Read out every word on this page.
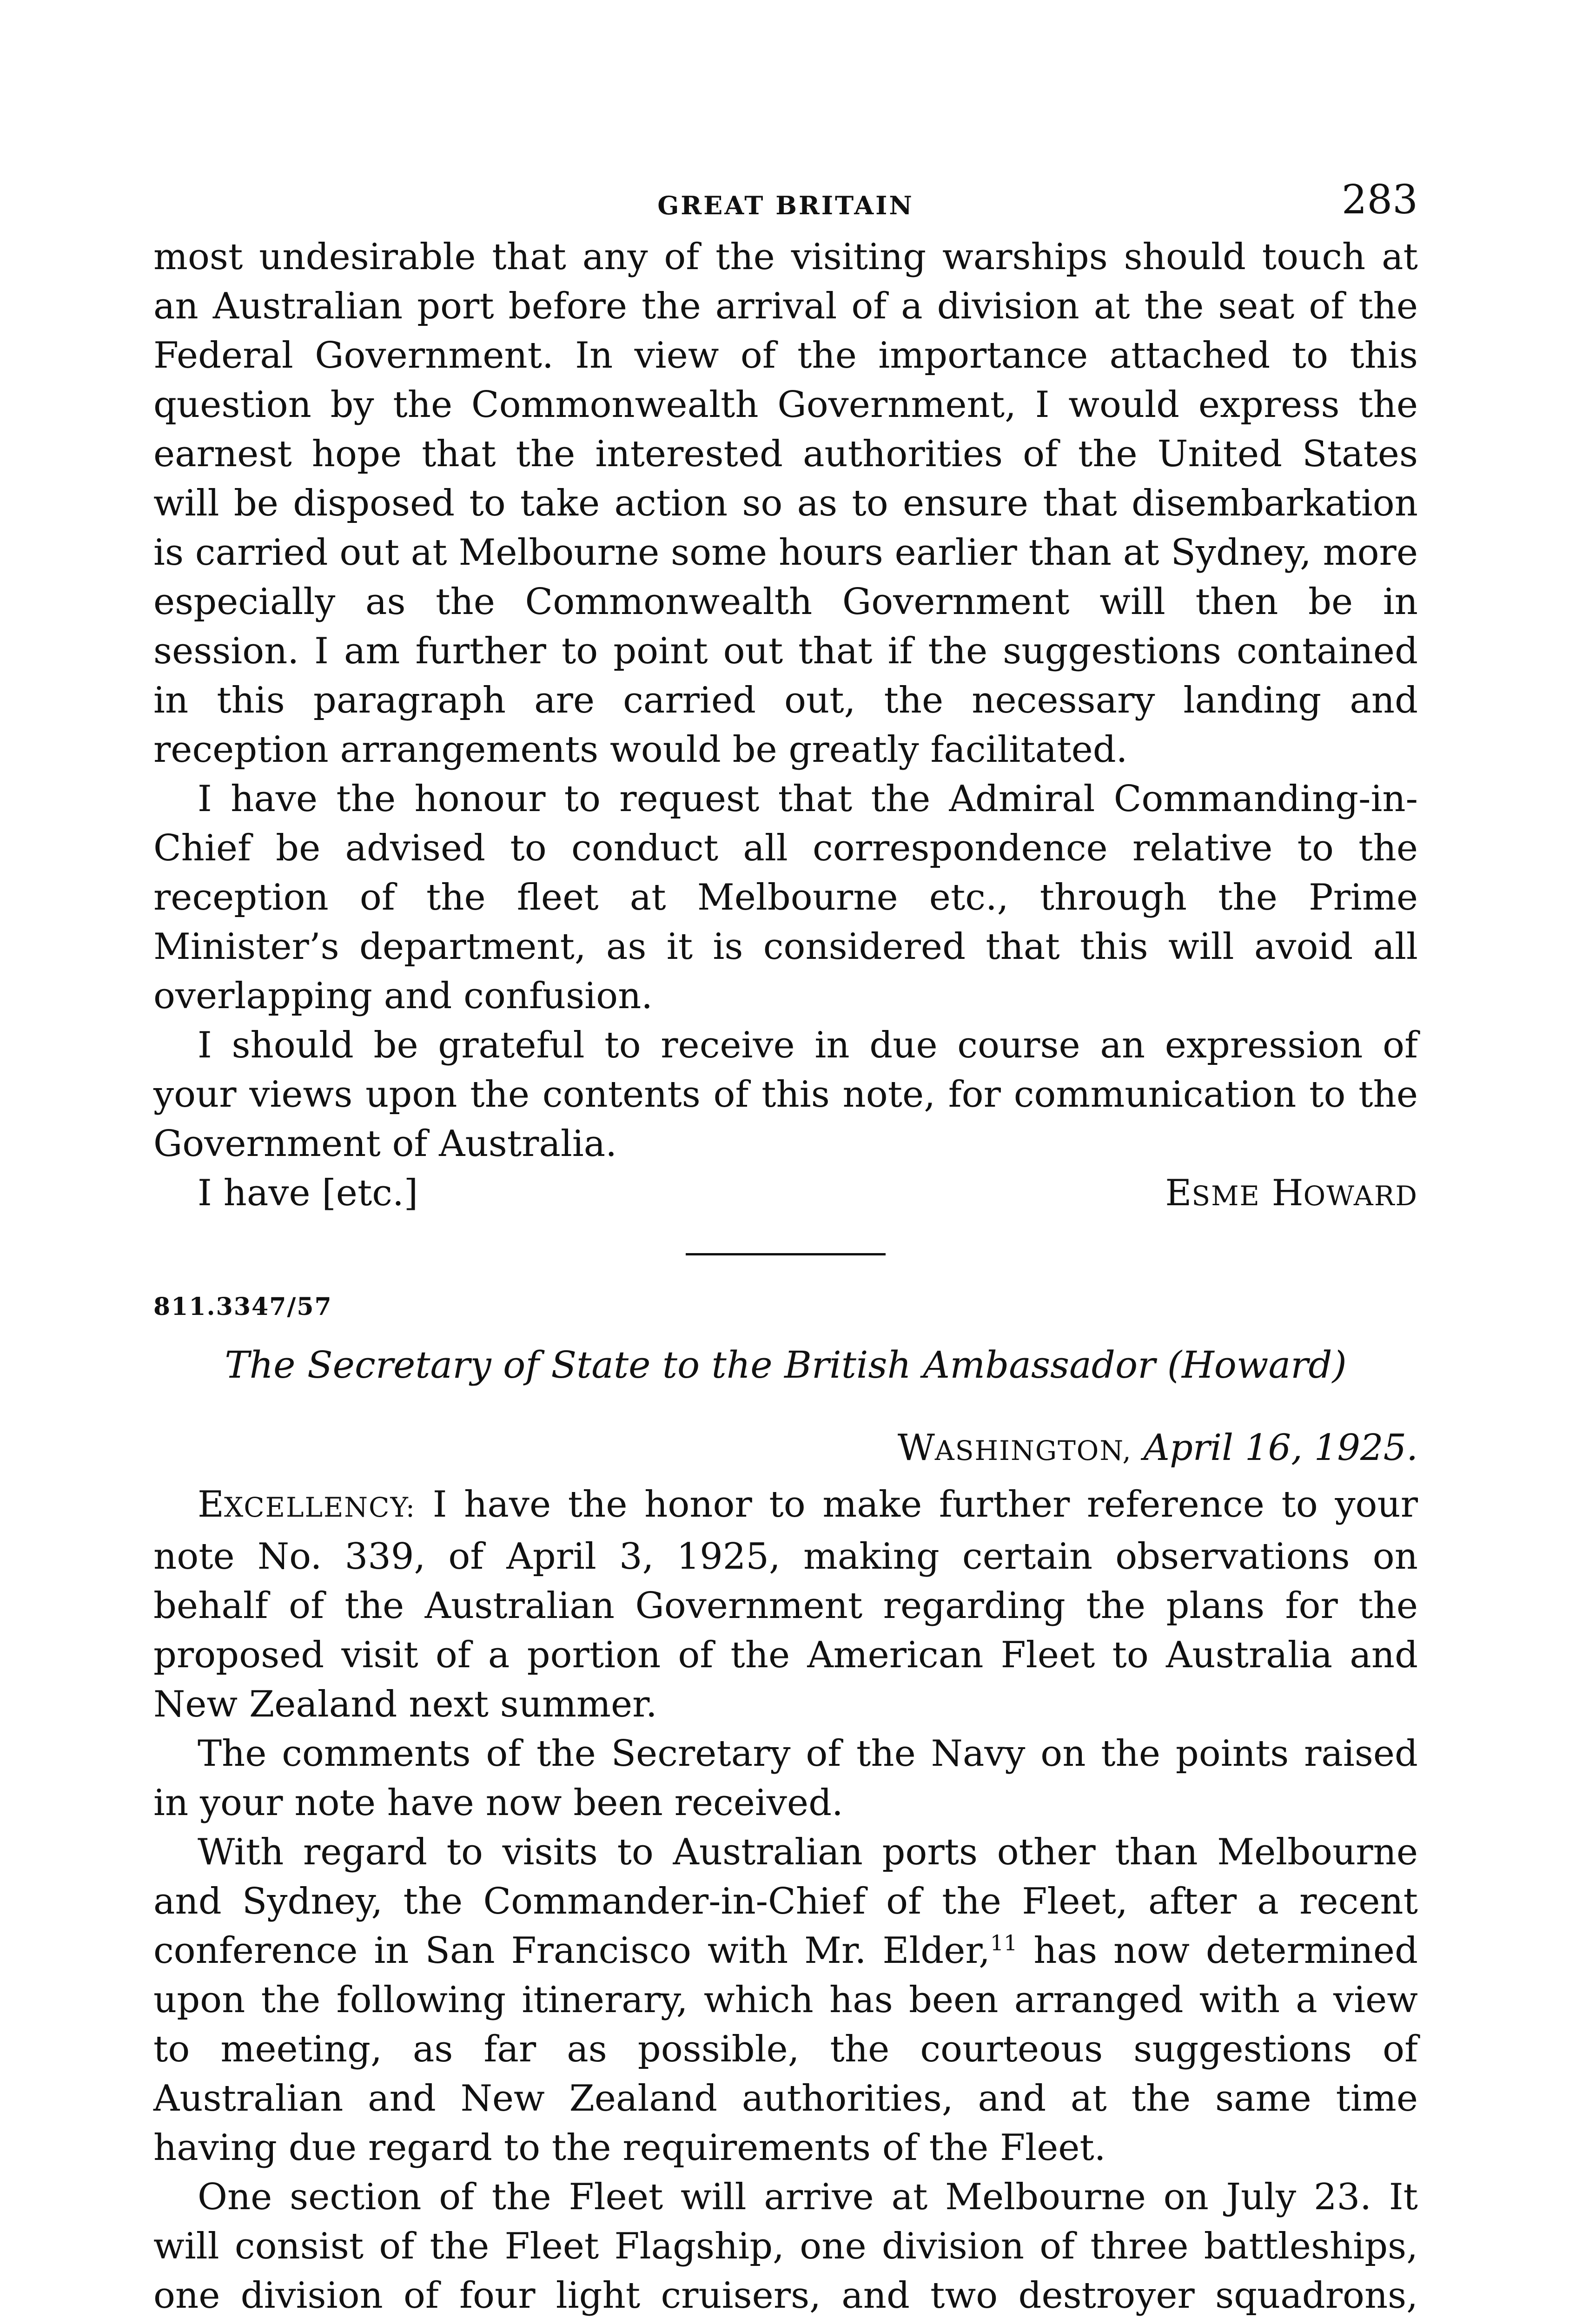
GREAT BRITAIN	283

most undesirable that any of the visiting warships should touch at an Australian port before the arrival of a division at the seat of the Federal Government. In view of the importance attached to this question by the Commonwealth Government, I would express the earnest hope that the interested authorities of the United States will be disposed to take action so as to ensure that disembarkation is carried out at Melbourne some hours earlier than at Sydney, more especially as the Commonwealth Government will then be in session. I am further to point out that if the suggestions contained in this paragraph are carried out, the necessary landing and reception arrangements would be greatly facilitated.

I have the honour to request that the Admiral Commanding-in-Chief be advised to conduct all correspondence relative to the reception of the fleet at Melbourne etc., through the Prime Minister’s department, as it is considered that this will avoid all overlapping and confusion.

I should be grateful to receive in due course an expression of your views upon the contents of this note, for communication to the Government of Australia.

I have [etc.]	ESME HOWARD
811.3347/57
The Secretary of State to the British Ambassador (Howard)
WASHINGTON, April 16, 1925.

EXCELLENCY: I have the honor to make further reference to your note No. 339, of April 3, 1925, making certain observations on behalf of the Australian Government regarding the plans for the proposed visit of a portion of the American Fleet to Australia and New Zealand next summer.

The comments of the Secretary of the Navy on the points raised in your note have now been received.

With regard to visits to Australian ports other than Melbourne and Sydney, the Commander-in-Chief of the Fleet, after a recent conference in San Francisco with Mr. Elder,$^{11}$ has now determined upon the following itinerary, which has been arranged with a view to meeting, as far as possible, the courteous suggestions of Australian and New Zealand authorities, and at the same time having due regard to the requirements of the Fleet.

One section of the Fleet will arrive at Melbourne on July 23. It will consist of the Fleet Flagship, one division of three battleships, one division of four light cruisers, and two destroyer squadrons,
